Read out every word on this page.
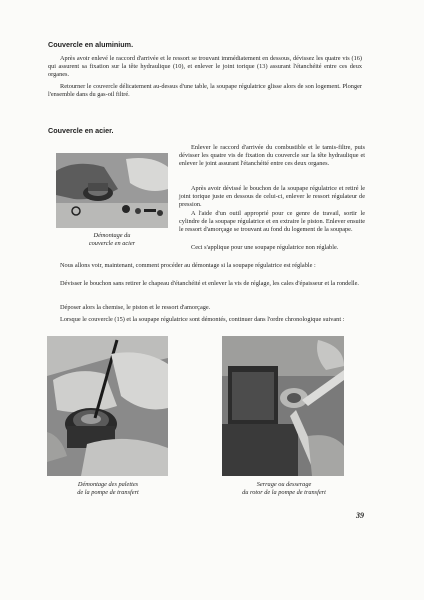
Couvercle en aluminium.

Après avoir enlevé le raccord d'arrivée et le ressort se trouvant immédiatement en dessous, dévissez les quatre vis (16) qui assurent sa fixation sur la tête hydraulique (10), et enlever le joint torique (13) assurant l'étanchéité entre ces deux organes.

Retourner le couvercle délicatement au-dessus d'une table, la soupape régulatrice glisse alors de son logement. Plonger l'ensemble dans du gas-oil filtré.

Couvercle en acier.
Démontage du
couvercle en acier

Enlever le raccord d'arrivée du combustible et le tamis-filtre, puis dévisser les quatre vis de fixation du couvercle sur la tête hydraulique et enlever le joint assurant l'étanchéité entre ces deux organes.

Après avoir dévissé le bouchon de la soupape régulatrice et retiré le joint torique juste en dessous de celui-ci, enlever le ressort régulateur de pression.

A l'aide d'un outil approprié pour ce genre de travail, sortir le cylindre de la soupape régulatrice et en extraire le piston. Enlever ensuite le ressort d'amorçage se trouvant au fond du logement de la soupape.

Ceci s'applique pour une soupape régulatrice non réglable.

Nous allons voir, maintenant, comment procéder au démontage si la soupape régulatrice est réglable :

Dévisser le bouchon sans retirer le chapeau d'étanchéité et enlever la vis de réglage, les cales d'épaisseur et la rondelle.

Déposer alors la chemise, le piston et le ressort d'amorçage.

Lorsque le couvercle (15) et la soupape régulatrice sont démontés, continuer dans l'ordre chronologique suivant :

Démontage des palettes
de la pompe de transfert
Serrage ou desserage
du rotor de la pompe de transfert
39
